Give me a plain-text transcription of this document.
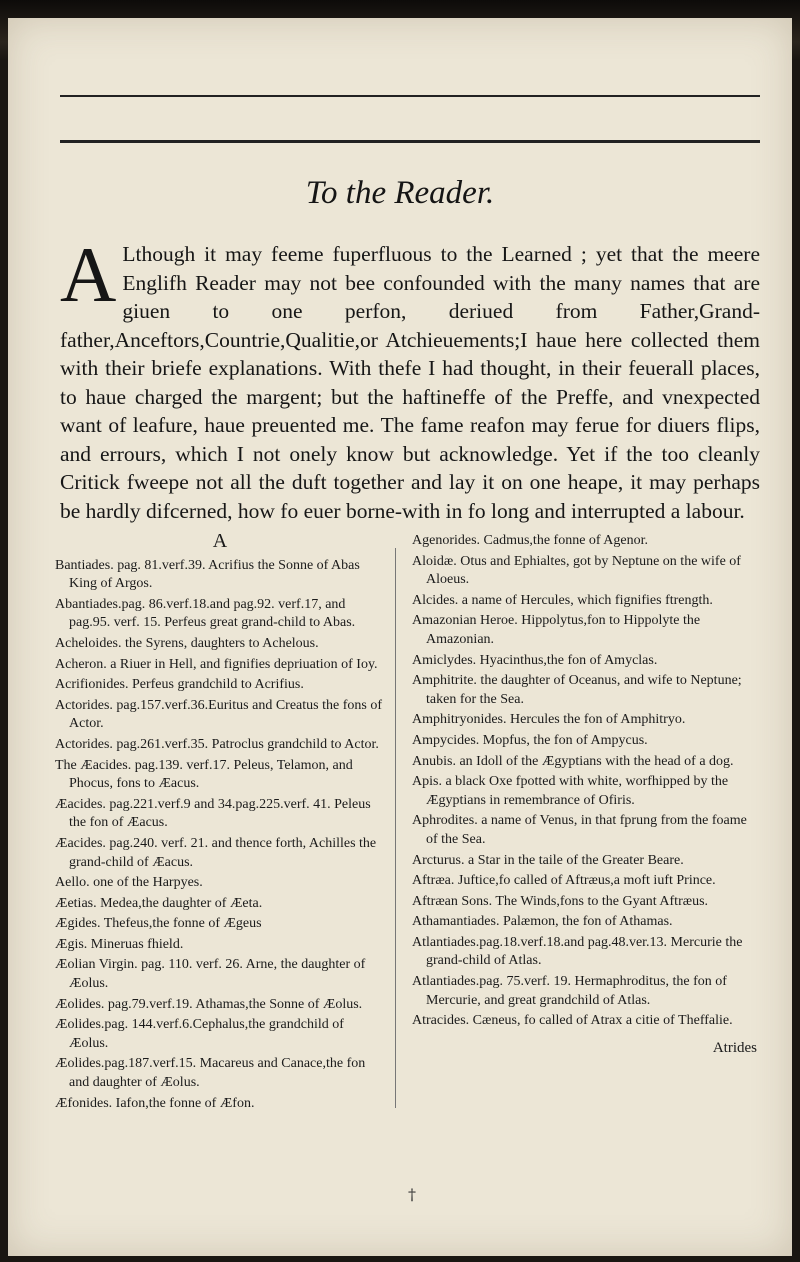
To the Reader.
A Lthough it may feeme fuperfluous to the Learned ; yet that the meere Englifh Reader may not bee confounded with the many names that are giuen to one perfon, deriued from Father,Grand-father,Anceftors,Countrie,Qualitie,or Atchieuements;I haue here collected them with their briefe explanations. With thefe I had thought, in their feuerall places, to haue charged the margent; but the haftineffe of the Preffe, and vnexpected want of leafure, haue preuented me. The fame reafon may ferue for diuers flips, and errours, which I not onely know but acknowledge. Yet if the too cleanly Critick fweepe not all the duft together and lay it on one heape, it may perhaps be hardly difcerned, how fo euer borne-with in fo long and interrupted a labour.

A
Bantiades. pag. 81.verf.39. Acrifius the Sonne of Abas King of Argos.
Abantiades.pag. 86.verf.18.and pag.92. verf.17, and pag.95. verf. 15. Perfeus great grand-child to Abas.
Acheloides. the Syrens, daughters to Achelous.
Acheron. a Riuer in Hell, and fignifies depriuation of Ioy.
Acrifionides. Perfeus grandchild to Acrifius.
Actorides. pag.157.verf.36.Euritus and Creatus the fons of Actor.
Actorides. pag.261.verf.35. Patroclus grandchild to Actor.
The Æacides. pag.139. verf.17. Peleus, Telamon, and Phocus, fons to Æacus.
Æacides. pag.221.verf.9 and 34.pag.225.verf. 41. Peleus the fon of Æacus.
Æacides. pag.240. verf. 21. and thence forth, Achilles the grand-child of Æacus.
Aello. one of the Harpyes.
Æetias. Medea,the daughter of Æeta.
Ægides. Thefeus,the fonne of Ægeus
Ægis. Mineruas fhield.
Æolian Virgin. pag. 110. verf. 26. Arne, the daughter of Æolus.
Æolides. pag.79.verf.19. Athamas,the Sonne of Æolus.
Æolides.pag. 144.verf.6.Cephalus,the grandchild of Æolus.
Æolides.pag.187.verf.15. Macareus and Canace,the fon and daughter of Æolus.
Æfonides. Iafon,the fonne of Æfon.
Agenorides. Cadmus,the fonne of Agenor.
Aloidæ. Otus and Ephialtes, got by Neptune on the wife of Aloeus.
Alcides. a name of Hercules, which fignifies ftrength.
Amazonian Heroe. Hippolytus,fon to Hippolyte the Amazonian.
Amiclydes. Hyacinthus,the fon of Amyclas.
Amphitrite. the daughter of Oceanus, and wife to Neptune; taken for the Sea.
Amphitryonides. Hercules the fon of Amphitryo.
Ampycides. Mopfus, the fon of Ampycus.
Anubis. an Idoll of the Ægyptians with the head of a dog.
Apis. a black Oxe fpotted with white, worfhipped by the Ægyptians in remembrance of Ofiris.
Aphrodites. a name of Venus, in that fprung from the foame of the Sea.
Arcturus. a Star in the taile of the Greater Beare.
Aftræa. Juftice,fo called of Aftræus,a moft iuft Prince.
Aftræan Sons. The Winds,fons to the Gyant Aftræus.
Athamantiades. Palæmon, the fon of Athamas.
Atlantiades.pag.18.verf.18.and pag.48.ver.13. Mercurie the grand-child of Atlas.
Atlantiades.pag. 75.verf. 19. Hermaphroditus, the fon of Mercurie, and great grandchild of Atlas.
Atracides. Cæneus, fo called of Atrax a citie of Theffalie.
Atrides
†
